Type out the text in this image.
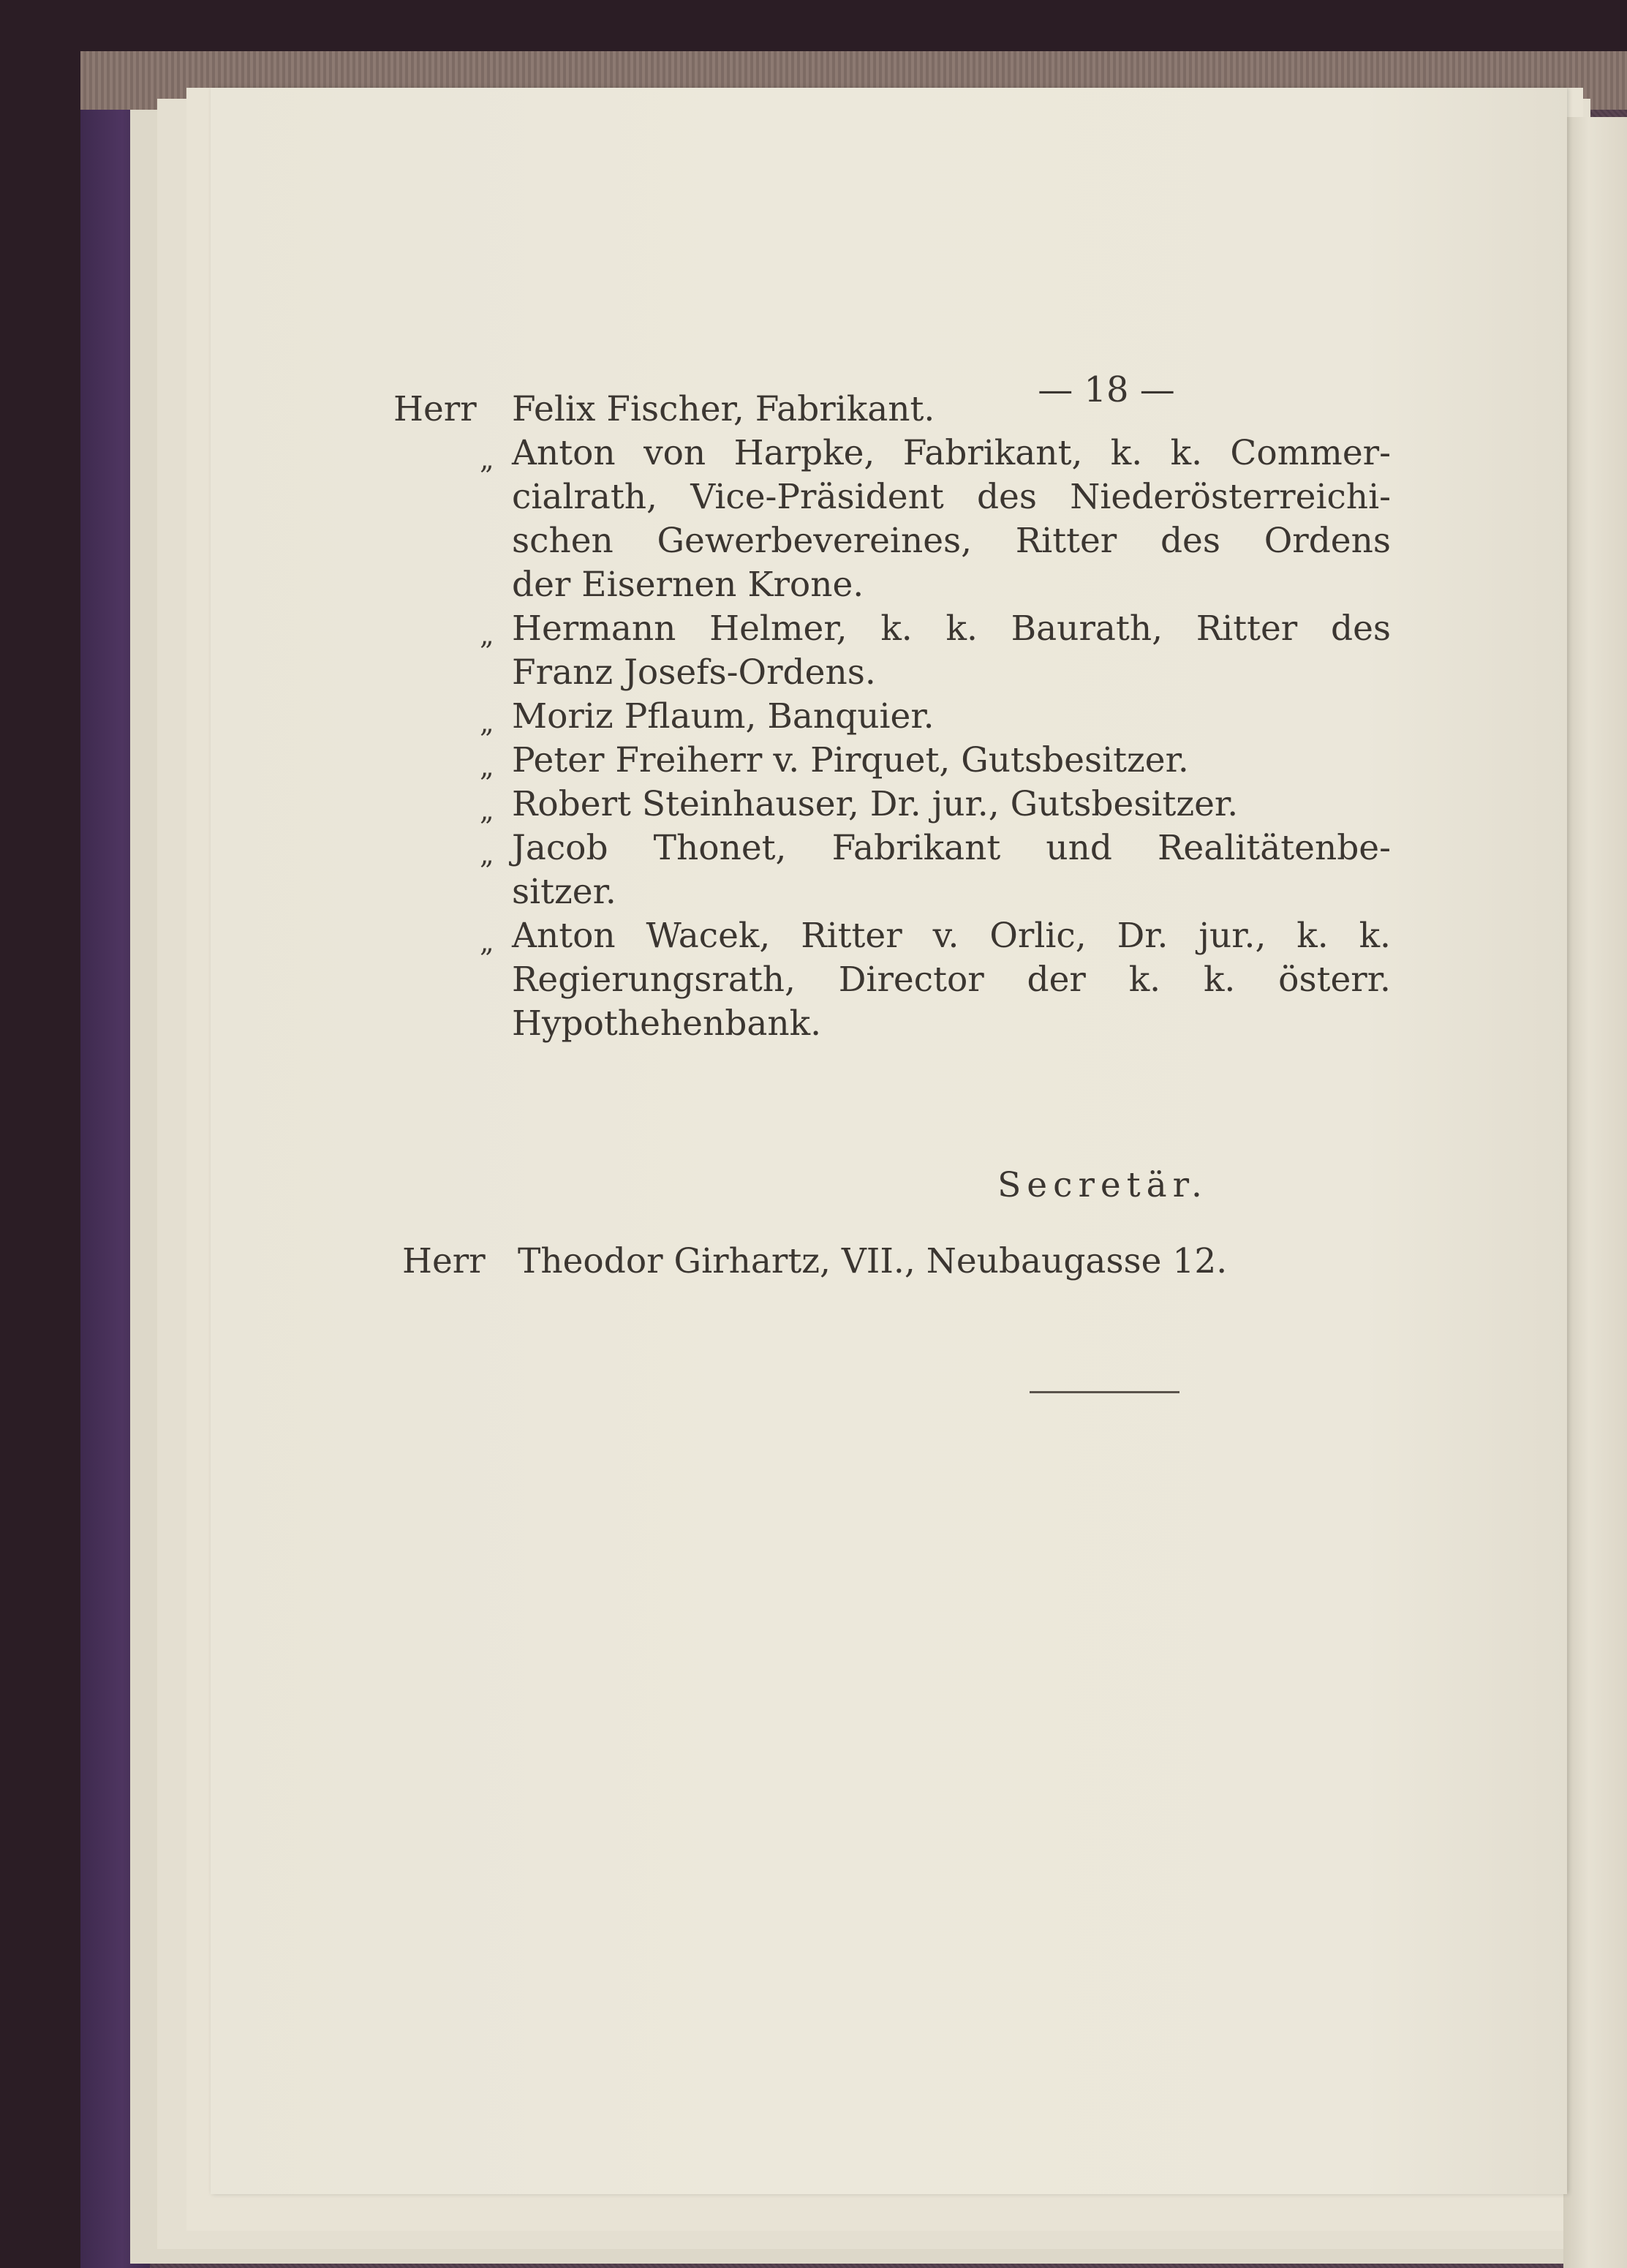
— 18 —
Herr Felix Fischer, Fabrikant.
„ Anton von Harpke, Fabrikant, k. k. Commer-
cialrath, Vice-Präsident des Niederösterreichi-
schen Gewerbevereines, Ritter des Ordens
der Eisernen Krone.
„ Hermann Helmer, k. k. Baurath, Ritter des
Franz Josefs-Ordens.
„ Moriz Pflaum, Banquier.
„ Peter Freiherr v. Pirquet, Gutsbesitzer.
„ Robert Steinhauser, Dr. jur., Gutsbesitzer.
„ Jacob Thonet, Fabrikant und Realitätenbe-
sitzer.
„ Anton Wacek, Ritter v. Orlic, Dr. jur., k. k.
Regierungsrath, Director der k. k. österr.
Hypothehenbank.
Secretär.
Herr Theodor Girhartz, VII., Neubaugasse 12.
